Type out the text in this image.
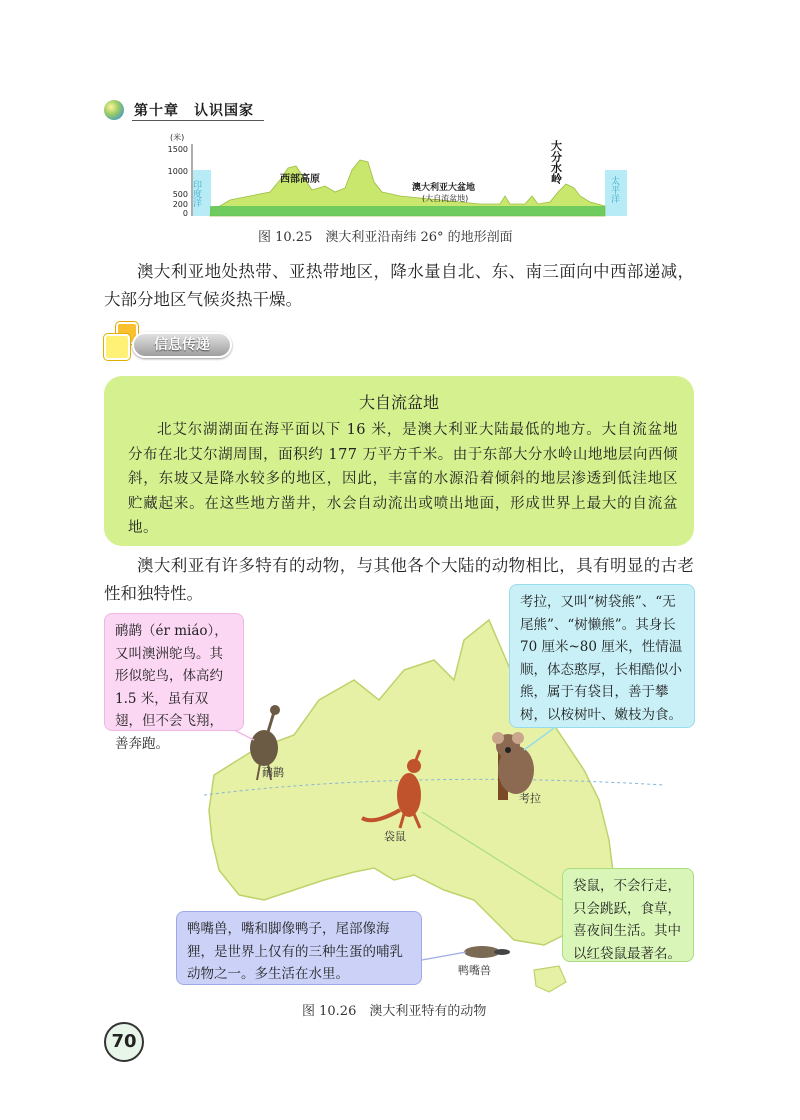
第十章　认识国家
(米)
1500
1000
500
200
0
印度洋	太平洋
西部高原
澳大利亚大盆地
(大自流盆地)
大分水岭
图 10.25　澳大利亚沿南纬 26° 的地形剖面
澳大利亚地处热带、亚热带地区，降水量自北、东、南三面向中西部递减，大部分地区气候炎热干燥。
信息传递
大自流盆地
北艾尔湖湖面在海平面以下 16 米，是澳大利亚大陆最低的地方。大自流盆地分布在北艾尔湖周围，面积约 177 万平方千米。由于东部大分水岭山地地层向西倾斜，东坡又是降水较多的地区，因此，丰富的水源沿着倾斜的地层渗透到低洼地区贮藏起来。在这些地方凿井，水会自动流出或喷出地面，形成世界上最大的自流盆地。
澳大利亚有许多特有的动物，与其他各个大陆的动物相比，具有明显的古老性和独特性。
鸸鹋
考拉
袋鼠
鸭嘴兽
鸸鹋（ér miáo），又叫澳洲鸵鸟。其形似鸵鸟，体高约 1.5 米，虽有双翅，但不会飞翔，善奔跑。
考拉，又叫“树袋熊”、“无尾熊”、“树懒熊”。其身长 70 厘米~80 厘米，性情温顺，体态憨厚，长相酷似小熊，属于有袋目，善于攀树，以桉树叶、嫩枝为食。
袋鼠，不会行走，只会跳跃，食草，喜夜间生活。其中以红袋鼠最著名。
鸭嘴兽，嘴和脚像鸭子，尾部像海狸，是世界上仅有的三种生蛋的哺乳动物之一。多生活在水里。
图 10.26　澳大利亚特有的动物
70
